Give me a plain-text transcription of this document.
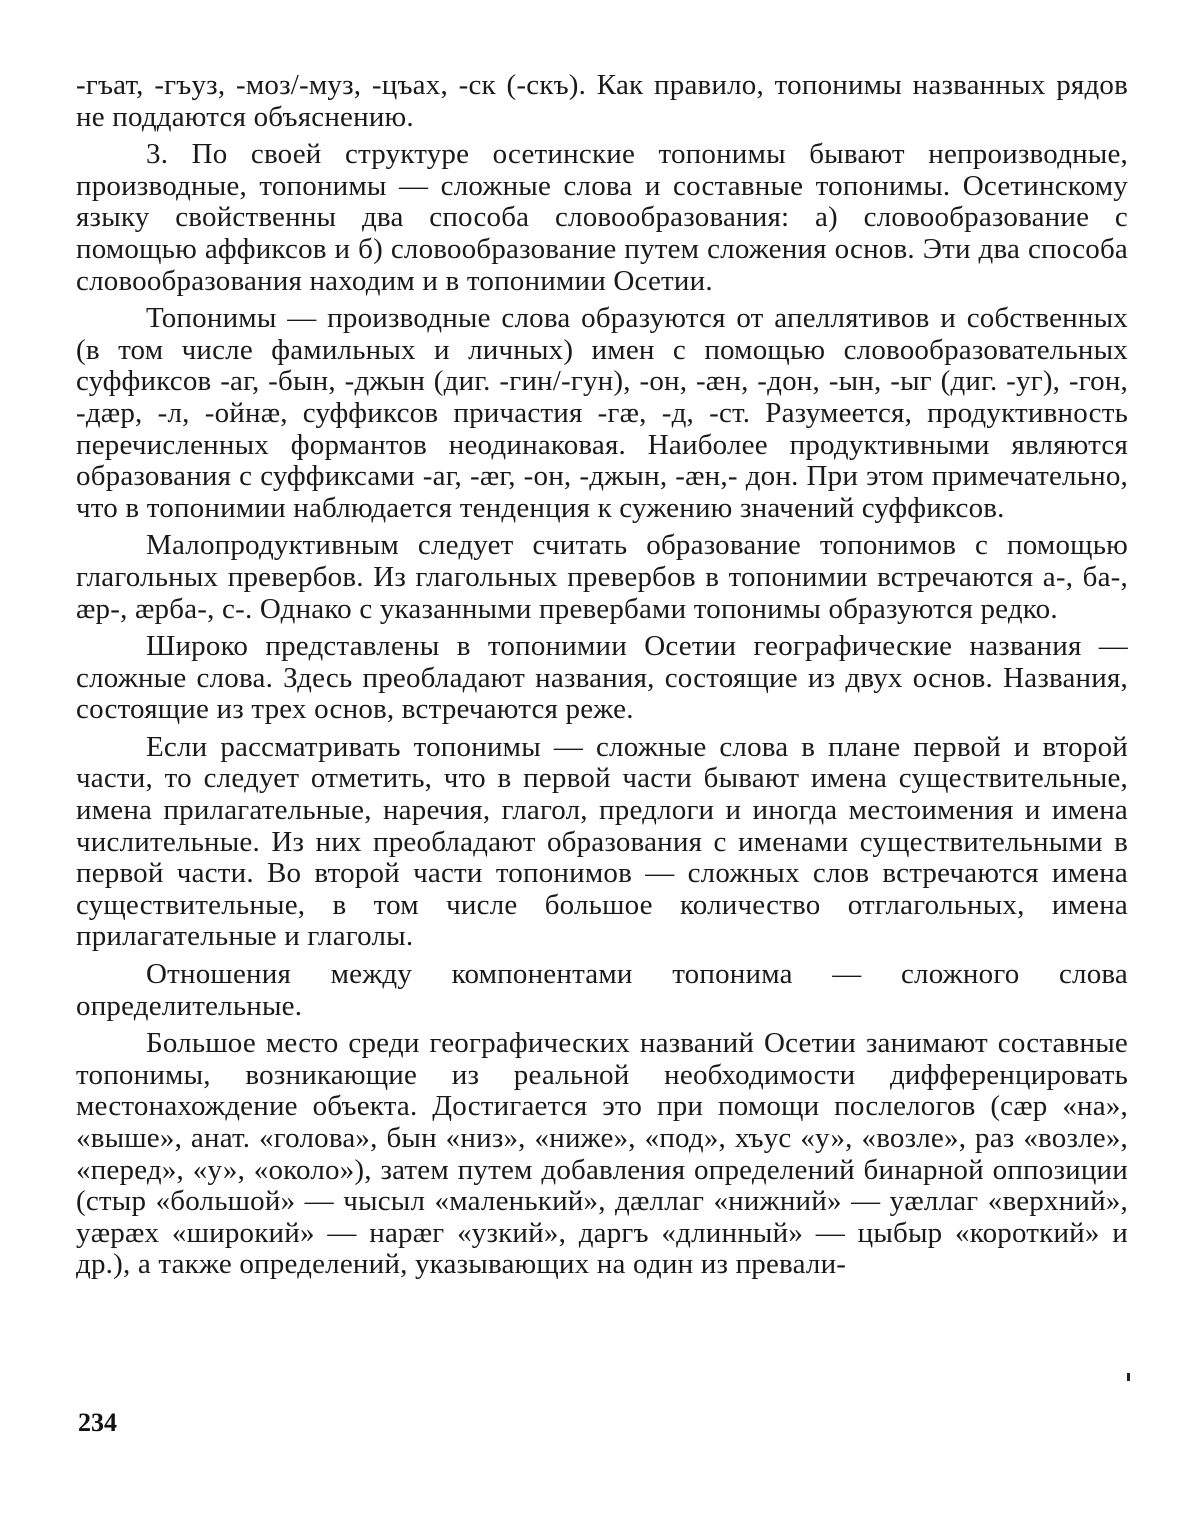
-гъат, -гъуз, -моз/-муз, -цъах, -ск (-скъ). Как правило, топонимы названных рядов не поддаются объяснению.

3. По своей структуре осетинские топонимы бывают непроизводные, производные, топонимы — сложные слова и составные топонимы. Осетинскому языку свойственны два способа словообразования: а) словообразование с помощью аффиксов и б) словообразование путем сложения основ. Эти два способа словообразования находим и в топонимии Осетии.

Топонимы — производные слова образуются от апеллятивов и собственных (в том числе фамильных и личных) имен с помощью словообразовательных суффиксов -аг, -бын, -джын (диг. -гин/-гун), -он, -æн, -дон, -ын, -ыг (диг. -уг), -гон, -дæр, -л, -ойнæ, суффиксов причастия -гæ, -д, -ст. Разумеется, продуктивность перечисленных формантов неодинаковая. Наиболее продуктивными являются образования с суффиксами -аг, -æг, -он, -джын, -æн,- дон. При этом примечательно, что в топонимии наблюдается тенденция к сужению значений суффиксов.

Малопродуктивным следует считать образование топонимов с помощью глагольных превербов. Из глагольных превербов в топонимии встречаются а-, ба-, æр-, æрба-, с-. Однако с указанными превербами топонимы образуются редко.

Широко представлены в топонимии Осетии географические названия — сложные слова. Здесь преобладают названия, состоящие из двух основ. Названия, состоящие из трех основ, встречаются реже.

Если рассматривать топонимы — сложные слова в плане первой и второй части, то следует отметить, что в первой части бывают имена существительные, имена прилагательные, наречия, глагол, предлоги и иногда местоимения и имена числительные. Из них преобладают образования с именами существительными в первой части. Во второй части топонимов — сложных слов встречаются имена существительные, в том числе большое количество отглагольных, имена прилагательные и глаголы.

Отношения между компонентами топонима — сложного слова определительные.

Большое место среди географических названий Осетии занимают составные топонимы, возникающие из реальной необходимости дифференцировать местонахождение объекта. Достигается это при помощи послелогов (сæр «на», «выше», анат. «голова», бын «низ», «ниже», «под», хъус «у», «возле», раз «возле», «перед», «у», «около»), затем путем добавления определений бинарной оппозиции (стыр «большой» — чысыл «маленький», дæллаг «нижний» — уæллаг «верхний», уæрæх «широкий» — нарæг «узкий», даргъ «длинный» — цыбыр «короткий» и др.), а также определений, указывающих на один из превали-

234
